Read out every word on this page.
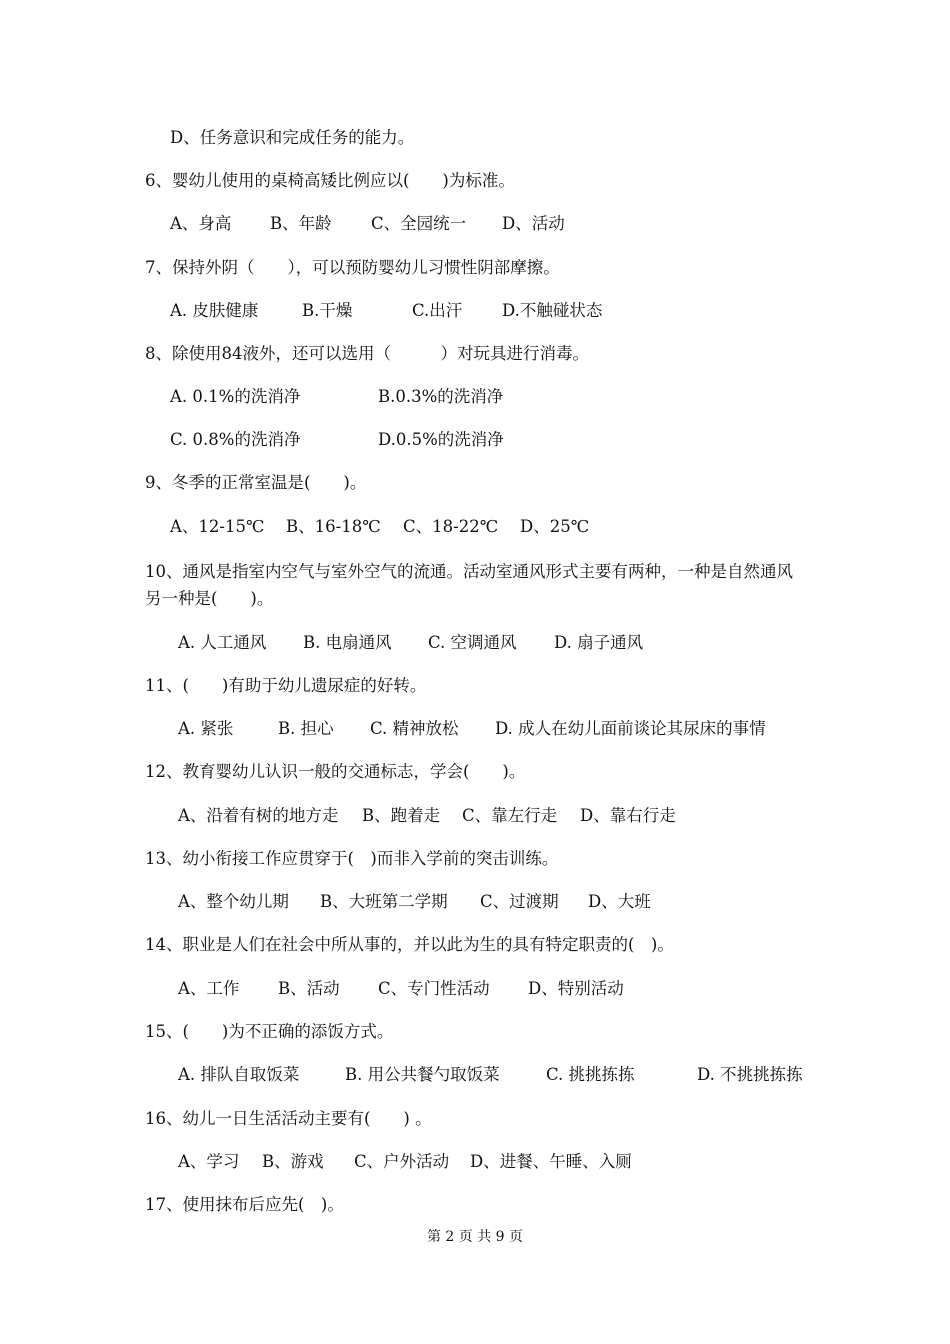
D、任务意识和完成任务的能力。
6、婴幼儿使用的桌椅高矮比例应以(　　)为标准。
A、身高 B、年龄 C、全园统一 D、活动
7、保持外阴（　　），可以预防婴幼儿习惯性阴部摩擦。
A. 皮肤健康	B.干燥	C.出汗 D.不触碰状态
8、除使用84液外，还可以选用（　　　）对玩具进行消毒。
A. 0.1%的洗消净	B.0.3%的洗消净
C. 0.8%的洗消净	D.0.5%的洗消净
9、冬季的正常室温是(　　)。
A、12-15℃ B、16-18℃ C、18-22℃ D、25℃
10、通风是指室内空气与室外空气的流通。活动室通风形式主要有两种，一种是自然通风
另一种是(　　)。
A. 人工通风 B. 电扇通风 C. 空调通风 D. 扇子通风
11、(　　)有助于幼儿遗尿症的好转。
A. 紧张	B. 担心 C. 精神放松 D. 成人在幼儿面前谈论其尿床的事情
12、教育婴幼儿认识一般的交通标志，学会(　　)。
A、沿着有树的地方走 B、跑着走 C、靠左行走 D、靠右行走
13、幼小衔接工作应贯穿于(　)而非入学前的突击训练。
A、整个幼儿期 B、大班第二学期 C、过渡期 D、大班
14、职业是人们在社会中所从事的，并以此为生的具有特定职责的(　)。
A、工作 B、活动 C、专门性活动 D、特别活动
15、(　　)为不正确的添饭方式。
A. 排队自取饭菜	B. 用公共餐勺取饭菜	C. 挑挑拣拣	D. 不挑挑拣拣
16、幼儿一日生活活动主要有(　　) 。
A、学习 B、游戏 C、户外活动 D、进餐、午睡、入厕
17、使用抹布后应先(　)。
第 2 页 共 9 页
